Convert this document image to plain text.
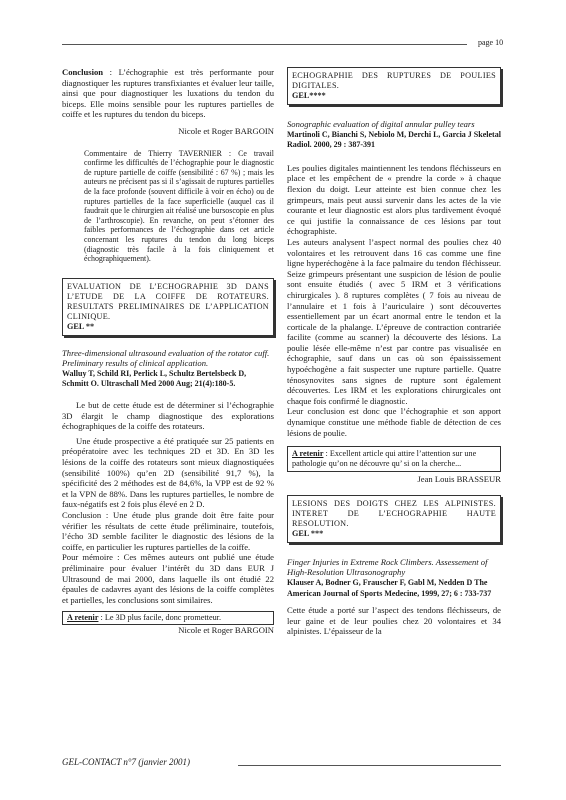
page 10

Conclusion : L’échographie est très performante pour diagnostiquer les ruptures transfixiantes et évaluer leur taille, ainsi que pour diagnostiquer les luxations du tendon du biceps. Elle moins sensible pour les ruptures partielles de coiffe et les ruptures du tendon du biceps.

Nicole et Roger BARGOIN

Commentaire de Thierry TAVERNIER : Ce travail confirme les difficultés de l’échographie pour le diagnostic de rupture partielle de coiffe (sensibilité : 67 %) ; mais les auteurs ne précisent pas si il s’agissait de ruptures partielles de la face profonde (souvent difficile à voir en écho) ou de ruptures partielles de la face superficielle (auquel cas il faudrait que le chirurgien ait réalisé une bursoscopie en plus de l’arthroscopie). En revanche, on peut s’étonner des faibles performances de l’échographie dans cet article concernant les ruptures du tendon du long biceps (diagnostic très facile à la fois cliniquement et échographiquement).

EVALUATION DE L’ECHOGRAPHIE 3D DANS L’ETUDE DE LA COIFFE DE ROTATEURS. RESULTATS PRELIMINAIRES DE L’APPLICATION CLINIQUE.
GEL **

Three-dimensional ultrasound evaluation of the rotator cuff. Preliminary results of clinical application.

Walluy T, Schild RI, Perlick L, Schultz Bertelsbeck D, Schmitt O. Ultraschall Med 2000 Aug; 21(4):180-5.

Le but de cette étude est de déterminer si l’échographie 3D élargit le champ diagnostique des explorations échographiques de la coiffe des rotateurs.

Une étude prospective a été pratiquée sur 25 patients en préopératoire avec les techniques 2D et 3D. En 3D les lésions de la coiffe des rotateurs sont mieux diagnostiquées (sensibilité 100%) qu’en 2D (sensibilité 91,7 %), la spécificité des 2 méthodes est de 84,6%, la VPP est de 92 % et la VPN de 88%. Dans les ruptures partielles, le nombre de faux-négatifs est 2 fois plus élevé en 2 D.

Conclusion : Une étude plus grande doit être faite pour vérifier les résultats de cette étude préliminaire, toutefois, l’écho 3D semble faciliter le diagnostic des lésions de la coiffe, en particulier les ruptures partielles de la coiffe.

Pour mémoire : Ces mêmes auteurs ont publié une étude préliminaire pour évaluer l’intérêt du 3D dans EUR J Ultrasound de mai 2000, dans laquelle ils ont étudié 22 épaules de cadavres ayant des lésions de la coiffe complètes et partielles, les conclusions sont similaires.

A retenir : Le 3D plus facile, donc prometteur.

Nicole et Roger BARGOIN

ECHOGRAPHIE DES RUPTURES DE POULIES DIGITALES.
GEL****

Sonographic evaluation of digital annular pulley tears

Martinoli C, Bianchi S, Nebiolo M, Derchi L, Garcia J Skeletal Radiol. 2000, 29 : 387-391

Les poulies digitales maintiennent les tendons fléchisseurs en place et les empêchent de « prendre la corde » à chaque flexion du doigt. Leur atteinte est bien connue chez les grimpeurs, mais peut aussi survenir dans les actes de la vie courante et leur diagnostic est alors plus tardivement évoqué ce qui justifie la connaissance de ces lésions par tout échographiste.

Les auteurs analysent l’aspect normal des poulies chez 40 volontaires et les retrouvent dans 16 cas comme une fine ligne hyperéchogène à la face palmaire du tendon fléchisseur. Seize grimpeurs présentant une suspicion de lésion de poulie sont ensuite étudiés ( avec 5 IRM et 3 vérifications chirurgicales ). 8 ruptures complètes ( 7 fois au niveau de l’annulaire et 1 fois à l’auriculaire ) sont découvertes essentiellement par un écart anormal entre le tendon et la corticale de la phalange. L’épreuve de contraction contrariée facilite (comme au scanner) la découverte des lésions. La poulie lésée elle-même n’est par contre pas visualisée en échographie, sauf dans un cas où son épaississement hypoéchogène a fait suspecter une rupture partielle. Quatre ténosynovites sans signes de rupture sont également découvertes. Les IRM et les explorations chirurgicales ont chaque fois confirmé le diagnostic.

Leur conclusion est donc que l’échographie et son apport dynamique constitue une méthode fiable de détection de ces lésions de poulie.

A retenir : Excellent article qui attire l’attention sur une pathologie qu’on ne découvre qu’ si on la cherche...

Jean Louis BRASSEUR

LESIONS DES DOIGTS CHEZ LES ALPINISTES. INTERET DE L’ECHOGRAPHIE HAUTE RESOLUTION.
GEL ***

Finger Injuries in Extreme Rock Climbers. Assessement of High-Resolution Ultrasonography

Klauser A, Bodner G, Frauscher F, Gabl M, Nedden D The American Journal of Sports Medecine, 1999, 27; 6 : 733-737

Cette étude a porté sur l’aspect des tendons fléchisseurs, de leur gaine et de leur poulies chez 20 volontaires et 34 alpinistes. L’épaisseur de la

GEL-CONTACT n°7 (janvier 2001)
